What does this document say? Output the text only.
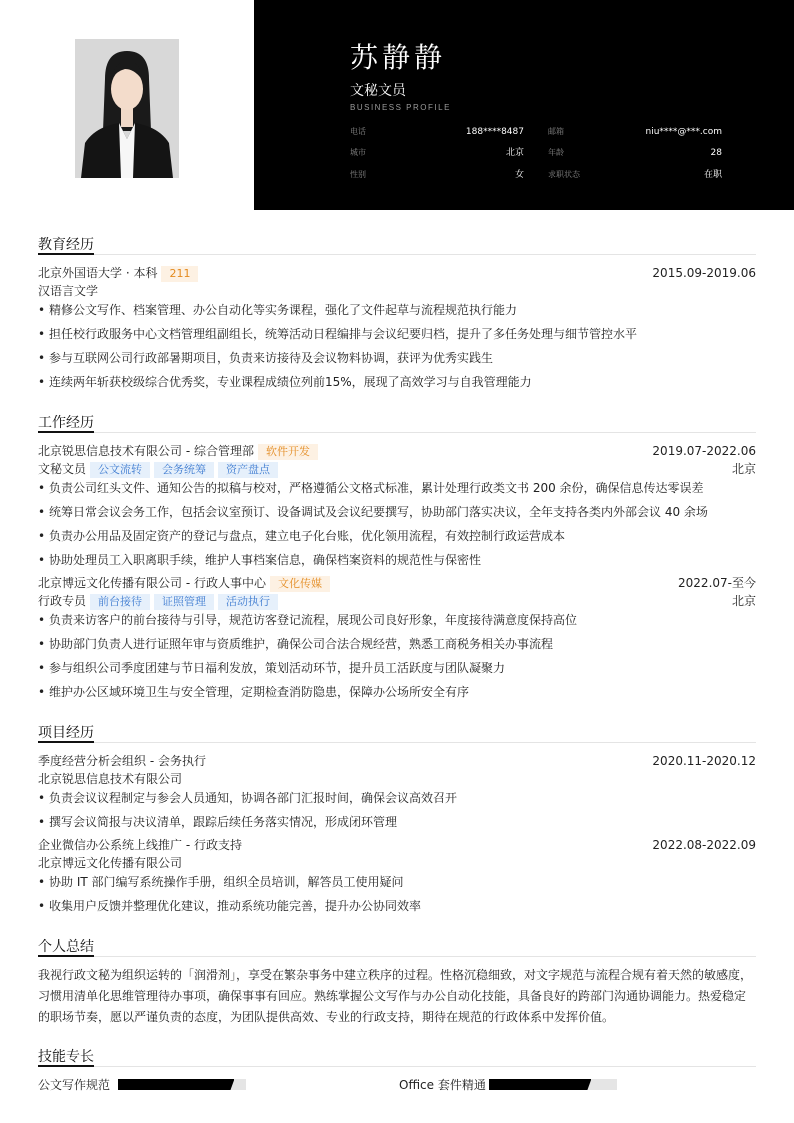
苏静静
文秘文员
BUSINESS PROFILE
电话	188****8487	邮箱	niu****@***.com
城市	北京	年龄	28
性别	女	求职状态	在职
教育经历
北京外国语大学 · 本科 211	2015.09-2019.06
汉语言文学
• 精修公文写作、档案管理、办公自动化等实务课程，强化了文件起草与流程规范执行能力
• 担任校行政服务中心文档管理组副组长，统筹活动日程编排与会议纪要归档，提升了多任务处理与细节管控水平
• 参与互联网公司行政部暑期项目，负责来访接待及会议物料协调，获评为优秀实践生
• 连续两年斩获校级综合优秀奖，专业课程成绩位列前15%，展现了高效学习与自我管理能力
工作经历
北京锐思信息技术有限公司 - 综合管理部 软件开发	2019.07-2022.06
文秘文员 公文流转 会务统筹 资产盘点	北京
• 负责公司红头文件、通知公告的拟稿与校对，严格遵循公文格式标准，累计处理行政类文书 200 余份，确保信息传达零误差
• 统筹日常会议会务工作，包括会议室预订、设备调试及会议纪要撰写，协助部门落实决议，全年支持各类内外部会议 40 余场
• 负责办公用品及固定资产的登记与盘点，建立电子化台账，优化领用流程，有效控制行政运营成本
• 协助处理员工入职离职手续，维护人事档案信息，确保档案资料的规范性与保密性
北京博远文化传播有限公司 - 行政人事中心 文化传媒	2022.07-至今
行政专员 前台接待 证照管理 活动执行	北京
• 负责来访客户的前台接待与引导，规范访客登记流程，展现公司良好形象，年度接待满意度保持高位
• 协助部门负责人进行证照年审与资质维护，确保公司合法合规经营，熟悉工商税务相关办事流程
• 参与组织公司季度团建与节日福利发放，策划活动环节，提升员工活跃度与团队凝聚力
• 维护办公区域环境卫生与安全管理，定期检查消防隐患，保障办公场所安全有序
项目经历
季度经营分析会组织 - 会务执行	2020.11-2020.12
北京锐思信息技术有限公司
• 负责会议议程制定与参会人员通知，协调各部门汇报时间，确保会议高效召开
• 撰写会议简报与决议清单，跟踪后续任务落实情况，形成闭环管理
企业微信办公系统上线推广 - 行政支持	2022.08-2022.09
北京博远文化传播有限公司
• 协助 IT 部门编写系统操作手册，组织全员培训，解答员工使用疑问
• 收集用户反馈并整理优化建议，推动系统功能完善，提升办公协同效率
个人总结
我视行政文秘为组织运转的「润滑剂」，享受在繁杂事务中建立秩序的过程。性格沉稳细致，对文字规范与流程合规有着天然的敏感度，习惯用清单化思维管理待办事项，确保事事有回应。熟练掌握公文写作与办公自动化技能，具备良好的跨部门沟通协调能力。热爱稳定的职场节奏，愿以严谨负责的态度，为团队提供高效、专业的行政支持，期待在规范的行政体系中发挥价值。
技能专长
公文写作规范	Office 套件精通
